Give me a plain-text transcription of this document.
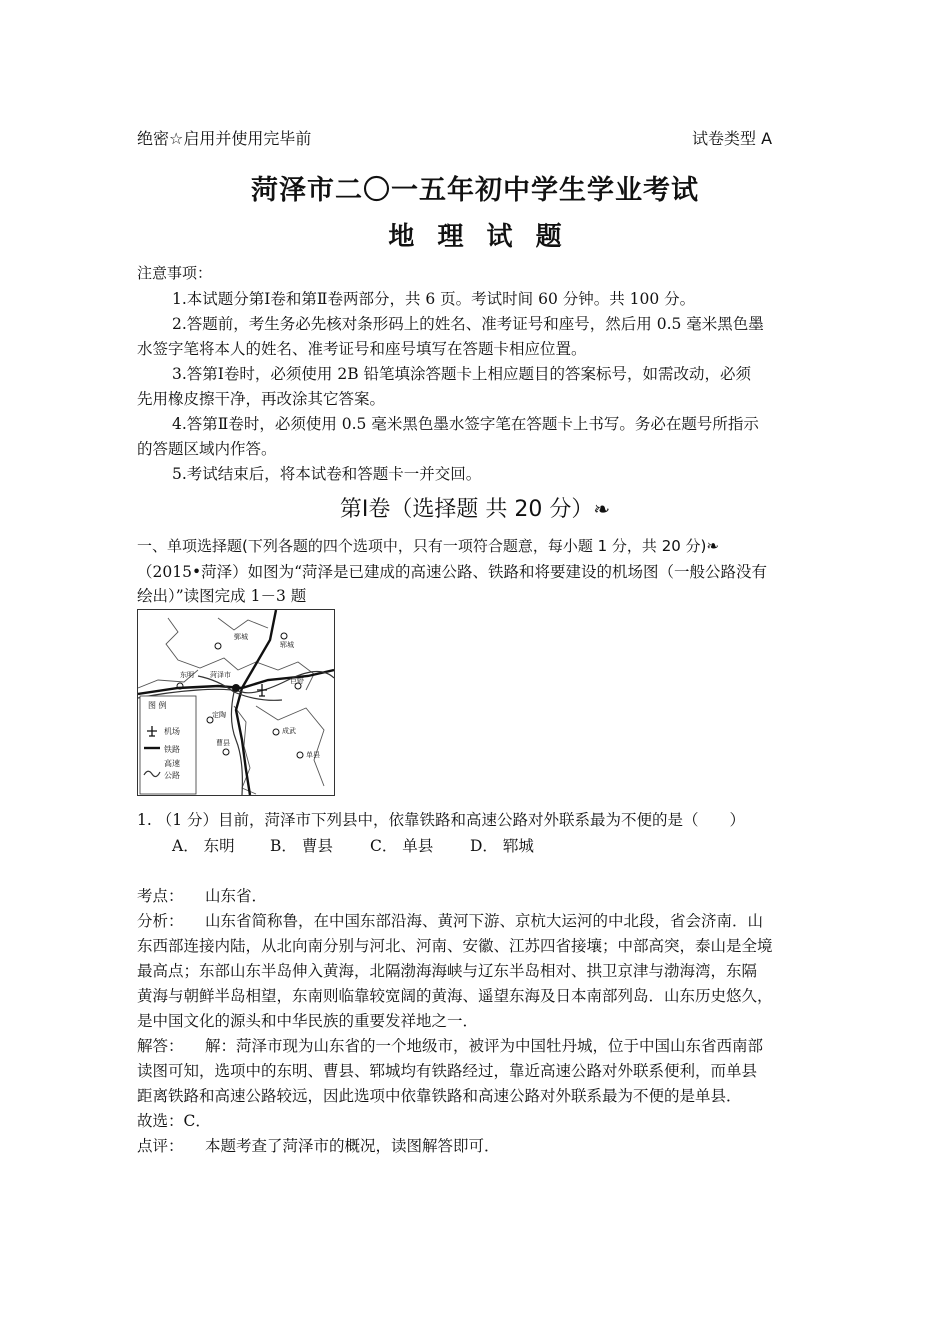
绝密☆启用并使用完毕前	试卷类型 A
菏泽市二〇一五年初中学生学业考试
地 理 试 题
注意事项：
1.本试题分第Ⅰ卷和第Ⅱ卷两部分，共 6 页。考试时间 60 分钟。共 100 分。
2.答题前，考生务必先核对条形码上的姓名、准考证号和座号，然后用 0.5 毫米黑色墨
水签字笔将本人的姓名、准考证号和座号填写在答题卡相应位置。
3.答第Ⅰ卷时，必须使用 2B 铅笔填涂答题卡上相应题目的答案标号，如需改动，必须
先用橡皮擦干净，再改涂其它答案。
4.答第Ⅱ卷时，必须使用 0.5 毫米黑色墨水签字笔在答题卡上书写。务必在题号所指示
的答题区域内作答。
5.考试结束后，将本试卷和答题卡一并交回。
第Ⅰ卷（选择题 共 20 分）❧
一、单项选择题(下列各题的四个选项中，只有一项符合题意，每小题 1 分，共 20 分)❧
（2015•菏泽）如图为“菏泽是已建成的高速公路、铁路和将要建设的机场图（一般公路没有
绘出）”读图完成 1－3 题
鄄城
郓城
东明 菏泽市
巨野
定陶
成武
曹县
单县
图 例
机场
铁路
高速
公路
1. （1 分）目前，菏泽市下列县中，依靠铁路和高速公路对外联系最为不便的是（　　）
A． 东明 B． 曹县 C． 单县 D． 郓城
考点： 山东省．
分析： 山东省简称鲁，在中国东部沿海、黄河下游、京杭大运河的中北段，省会济南．山
东西部连接内陆，从北向南分别与河北、河南、安徽、江苏四省接壤；中部高突，泰山是全境
最高点；东部山东半岛伸入黄海，北隔渤海海峡与辽东半岛相对、拱卫京津与渤海湾，东隔
黄海与朝鲜半岛相望，东南则临靠较宽阔的黄海、遥望东海及日本南部列岛．山东历史悠久，
是中国文化的源头和中华民族的重要发祥地之一．
解答： 解：菏泽市现为山东省的一个地级市，被评为中国牡丹城，位于中国山东省西南部
读图可知，选项中的东明、曹县、郓城均有铁路经过，靠近高速公路对外联系便利，而单县
距离铁路和高速公路较远，因此选项中依靠铁路和高速公路对外联系最为不便的是单县．
故选：C．
点评： 本题考查了菏泽市的概况，读图解答即可．
